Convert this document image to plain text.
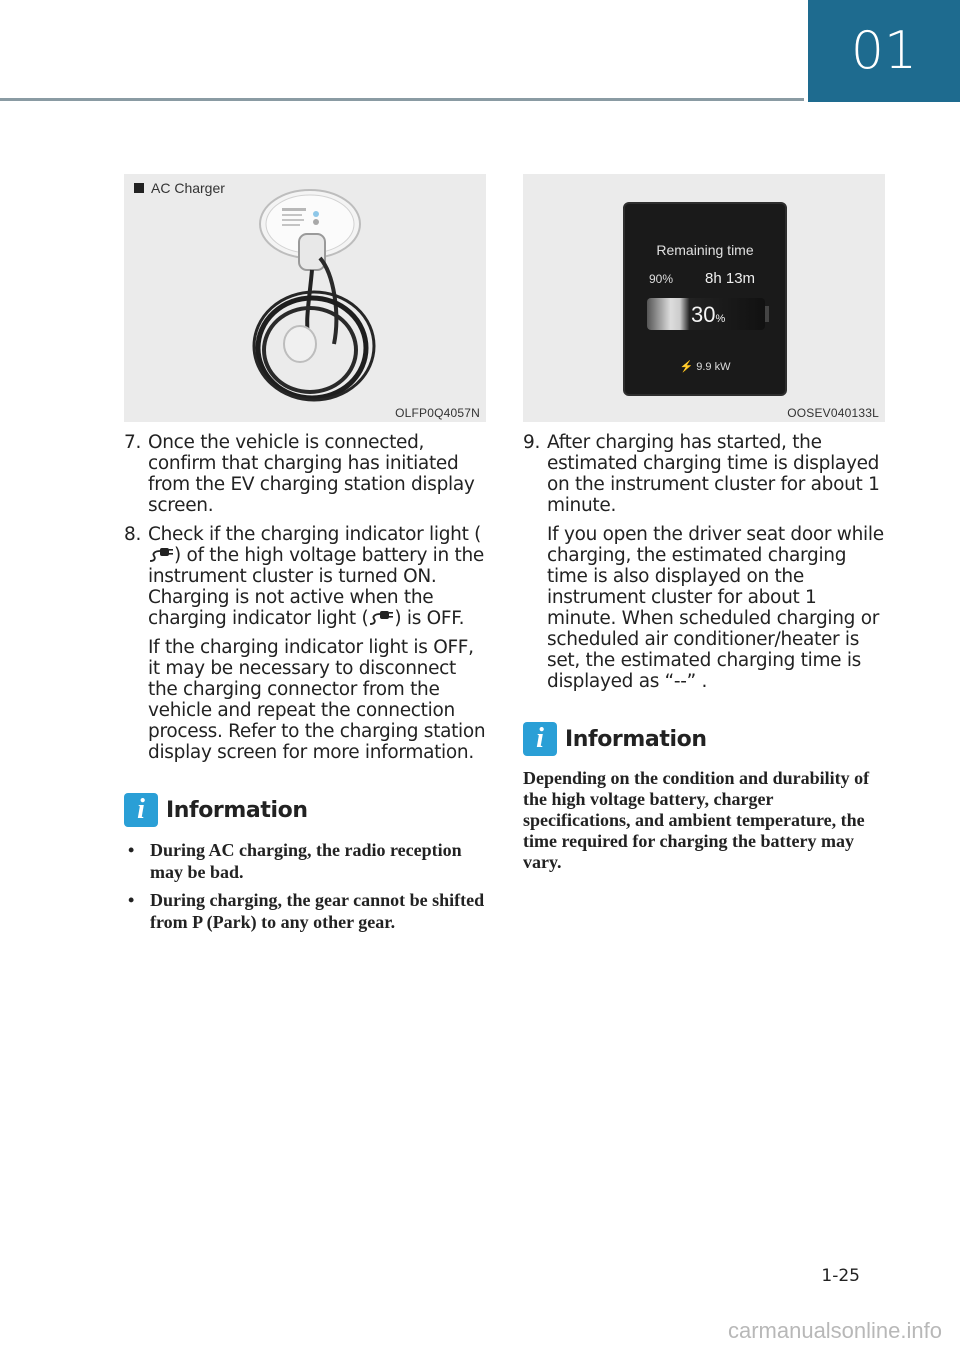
01
AC Charger
OLFP0Q4057N
7. Once the vehicle is connected, confirm that charging has initiated from the EV charging station display screen.

8. Check if the charging indicator light () of the high voltage battery in the instrument cluster is turned ON. Charging is not active when the charging indicator light ( ) is OFF.

If the charging indicator light is OFF, it may be necessary to disconnect the charging connector from the vehicle and repeat the connection process. Refer to the charging station display screen for more information.

i Information
• During AC charging, the radio reception may be bad.
• During charging, the gear cannot be shifted from P (Park) to any other gear.
Remaining time
90% 8h 13m
30%
⚡ 9.9 kW
OOSEV040133L
9. After charging has started, the estimated charging time is displayed on the instrument cluster for about 1 minute.

If you open the driver seat door while charging, the estimated charging time is also displayed on the instrument cluster for about 1 minute. When scheduled charging or scheduled air conditioner/heater is set, the estimated charging time is displayed as “--” .

i Information

Depending on the condition and durability of the high voltage battery, charger specifications, and ambient temperature, the time required for charging the battery may vary.

1-25
carmanualsonline.info
